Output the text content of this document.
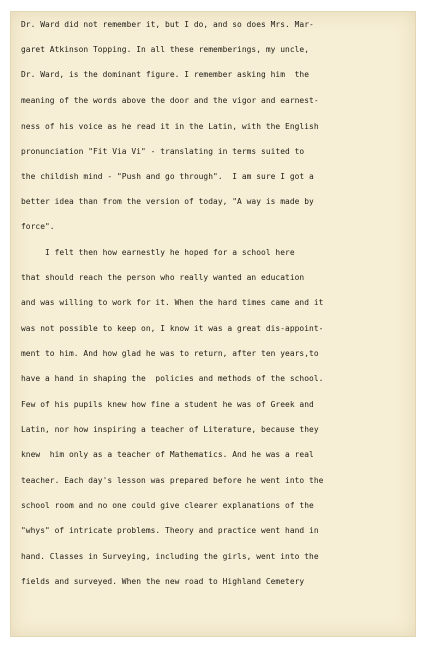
Dr. Ward did not remember it, but I do, and so does Mrs. Mar-
garet Atkinson Topping. In all these rememberings, my uncle,
Dr. Ward, is the dominant figure. I remember asking him  the
meaning of the words above the door and the vigor and earnest-
ness of his voice as he read it in the Latin, with the English
pronunciation "Fit Via Vi" - translating in terms suited to
the childish mind - "Push and go through".  I am sure I got a
better idea than from the version of today, "A way is made by
force".
I felt then how earnestly he hoped for a school here
that should reach the person who really wanted an education
and was willing to work for it. When the hard times came and it
was not possible to keep on, I know it was a great dis-appoint-
ment to him. And how glad he was to return, after ten years,to
have a hand in shaping the  policies and methods of the school.
Few of his pupils knew how fine a student he was of Greek and
Latin, nor how inspiring a teacher of Literature, because they
knew  him only as a teacher of Mathematics. And he was a real
teacher. Each day's lesson was prepared before he went into the
school room and no one could give clearer explanations of the
"whys" of intricate problems. Theory and practice went hand in
hand. Classes in Surveying, including the girls, went into the
fields and surveyed. When the new road to Highland Cemetery
